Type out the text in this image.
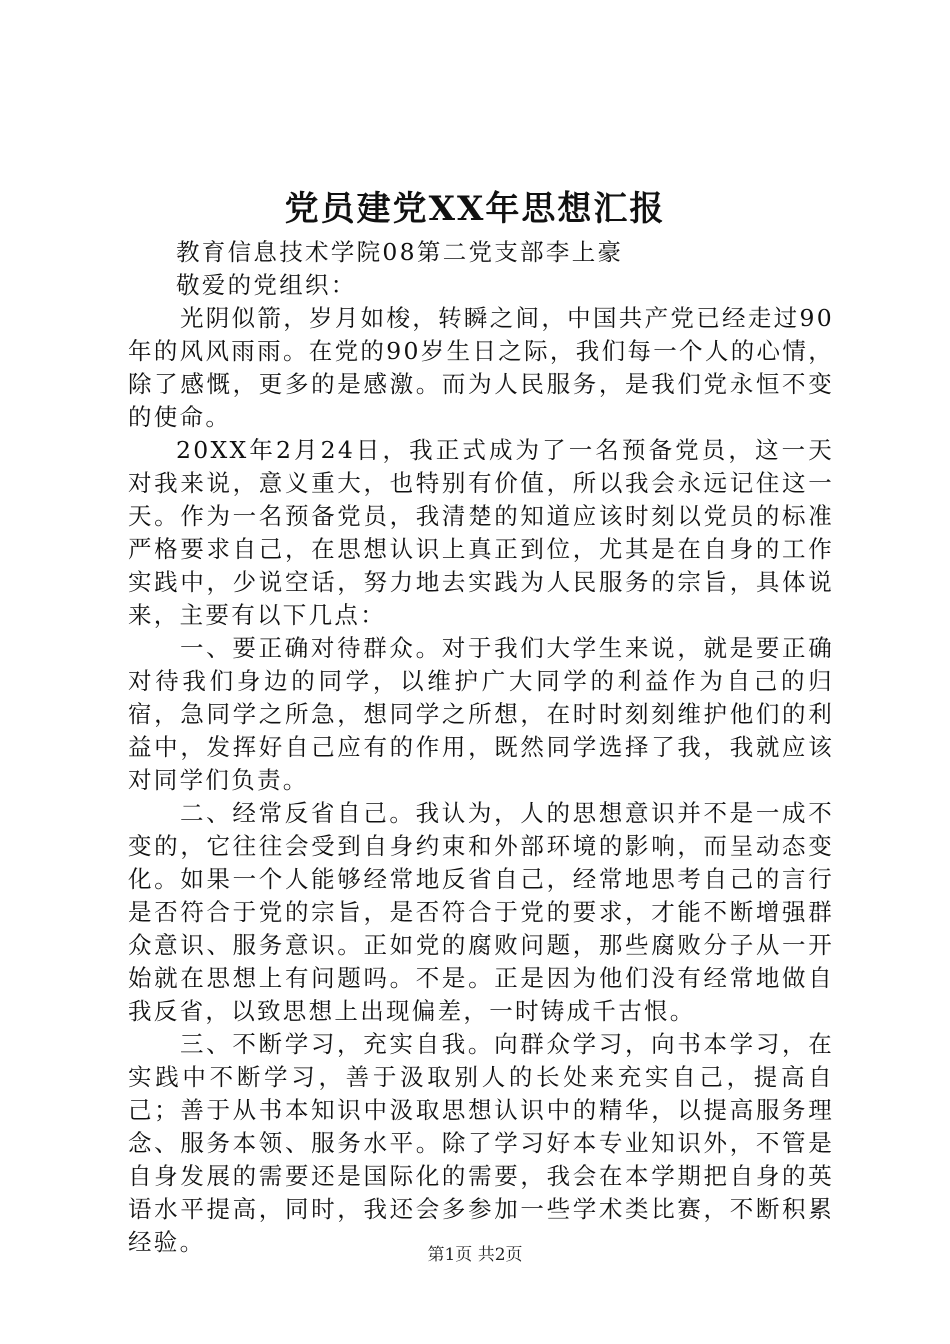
党员建党XX年思想汇报

教育信息技术学院08第二党支部李上豪

敬爱的党组织：

光阴似箭，岁月如梭，转瞬之间，中国共产党已经走过90年的风风雨雨。在党的90岁生日之际，我们每一个人的心情，除了感慨，更多的是感激。而为人民服务，是我们党永恒不变的使命。

20XX年2月24日，我正式成为了一名预备党员，这一天对我来说，意义重大，也特别有价值，所以我会永远记住这一天。作为一名预备党员，我清楚的知道应该时刻以党员的标准严格要求自己，在思想认识上真正到位，尤其是在自身的工作实践中，少说空话，努力地去实践为人民服务的宗旨，具体说来，主要有以下几点：

一、要正确对待群众。对于我们大学生来说，就是要正确对待我们身边的同学，以维护广大同学的利益作为自己的归宿，急同学之所急，想同学之所想，在时时刻刻维护他们的利益中，发挥好自己应有的作用，既然同学选择了我，我就应该对同学们负责。

二、经常反省自己。我认为，人的思想意识并不是一成不变的，它往往会受到自身约束和外部环境的影响，而呈动态变化。如果一个人能够经常地反省自己，经常地思考自己的言行是否符合于党的宗旨，是否符合于党的要求，才能不断增强群众意识、服务意识。正如党的腐败问题，那些腐败分子从一开始就在思想上有问题吗。不是。正是因为他们没有经常地做自我反省，以致思想上出现偏差，一时铸成千古恨。

三、不断学习，充实自我。向群众学习，向书本学习，在实践中不断学习，善于汲取别人的长处来充实自己，提高自己；善于从书本知识中汲取思想认识中的精华，以提高服务理念、服务本领、服务水平。除了学习好本专业知识外，不管是自身发展的需要还是国际化的需要，我会在本学期把自身的英语水平提高，同时，我还会多参加一些学术类比赛，不断积累经验。	第1页 共2页
